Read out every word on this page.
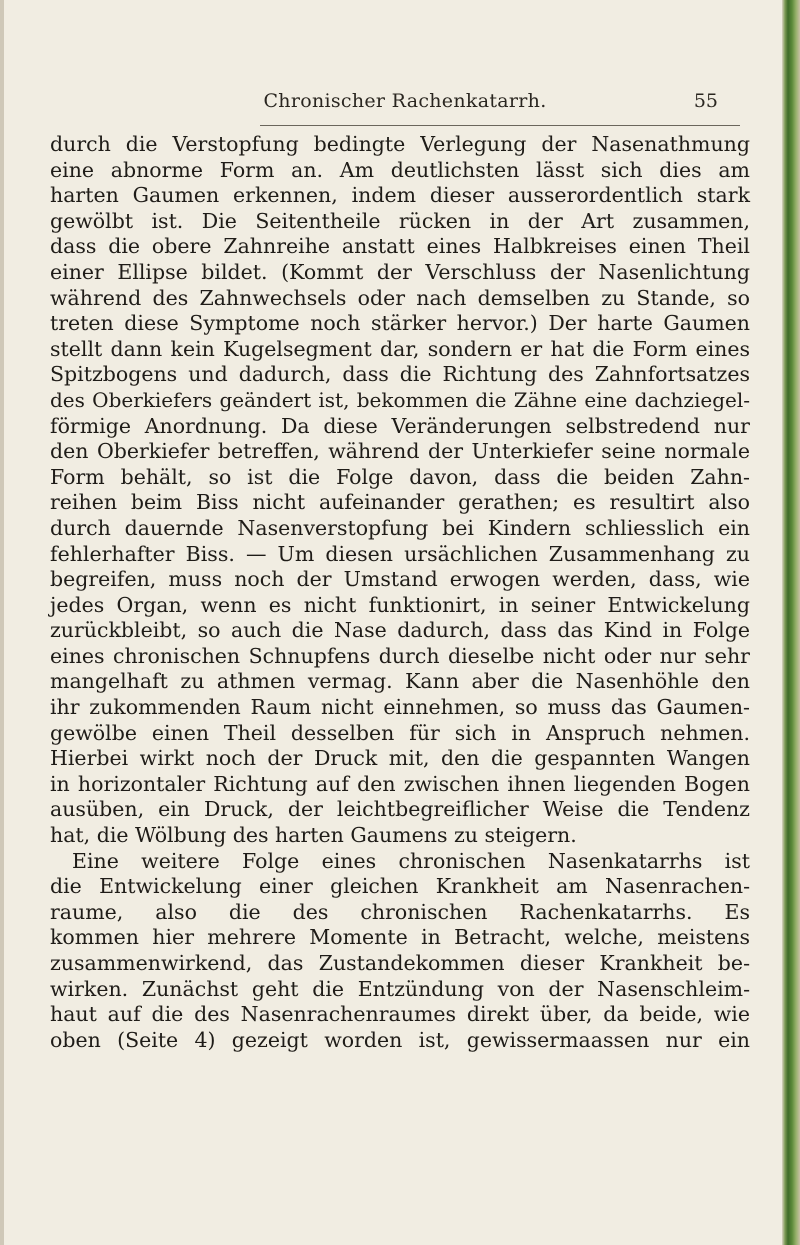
Chronischer Rachenkatarrh.	55
durch die Verstopfung bedingte Verlegung der Nasenathmung
eine abnorme Form an. Am deutlichsten lässt sich dies am
harten Gaumen erkennen, indem dieser ausserordentlich stark
gewölbt ist. Die Seitentheile rücken in der Art zusammen,
dass die obere Zahnreihe anstatt eines Halbkreises einen Theil
einer Ellipse bildet. (Kommt der Verschluss der Nasenlichtung
während des Zahnwechsels oder nach demselben zu Stande, so
treten diese Symptome noch stärker hervor.) Der harte Gaumen
stellt dann kein Kugelsegment dar, sondern er hat die Form eines
Spitzbogens und dadurch, dass die Richtung des Zahnfortsatzes
des Oberkiefers geändert ist, bekommen die Zähne eine dachziegel-
förmige Anordnung. Da diese Veränderungen selbstredend nur
den Oberkiefer betreffen, während der Unterkiefer seine normale
Form behält, so ist die Folge davon, dass die beiden Zahn-
reihen beim Biss nicht aufeinander gerathen; es resultirt also
durch dauernde Nasenverstopfung bei Kindern schliesslich ein
fehlerhafter Biss. — Um diesen ursächlichen Zusammenhang zu
begreifen, muss noch der Umstand erwogen werden, dass, wie
jedes Organ, wenn es nicht funktionirt, in seiner Entwickelung
zurückbleibt, so auch die Nase dadurch, dass das Kind in Folge
eines chronischen Schnupfens durch dieselbe nicht oder nur sehr
mangelhaft zu athmen vermag. Kann aber die Nasenhöhle den
ihr zukommenden Raum nicht einnehmen, so muss das Gaumen-
gewölbe einen Theil desselben für sich in Anspruch nehmen.
Hierbei wirkt noch der Druck mit, den die gespannten Wangen
in horizontaler Richtung auf den zwischen ihnen liegenden Bogen
ausüben, ein Druck, der leichtbegreiflicher Weise die Tendenz
hat, die Wölbung des harten Gaumens zu steigern.
Eine weitere Folge eines chronischen Nasenkatarrhs ist
die Entwickelung einer gleichen Krankheit am Nasenrachen-
raume, also die des chronischen Rachenkatarrhs. Es
kommen hier mehrere Momente in Betracht, welche, meistens
zusammenwirkend, das Zustandekommen dieser Krankheit be-
wirken. Zunächst geht die Entzündung von der Nasenschleim-
haut auf die des Nasenrachenraumes direkt über, da beide, wie
oben (Seite 4) gezeigt worden ist, gewissermaassen nur ein
